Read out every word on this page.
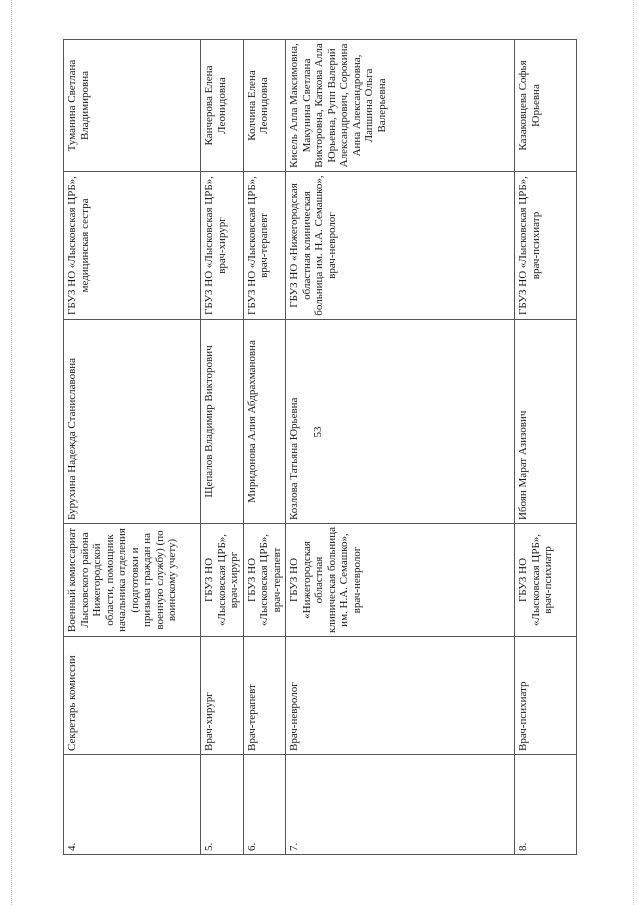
53
4.	Секретарь комиссии	Военный комиссариат Лысковского района Нижегородской области, помощник начальника отделения (подготовки и призыва граждан на военную службу) (по воинскому учету)	Бурухина Надежда Станиславовна	ГБУЗ НО «Лысковская ЦРБ», медицинская сестра	Туманина Светлана Владимировна
5.	Врач-хирург	ГБУЗ НО «Лысковская ЦРБ», врач-хирург	Щепалов Владимир Викторович	ГБУЗ НО «Лысковская ЦРБ», врач-хирург	Канчерова Елена Леонидовна
6.	Врач-терапевт	ГБУЗ НО «Лысковская ЦРБ», врач-терапевт	Миридонова Алия Абдрахмановна	ГБУЗ НО «Лысковская ЦРБ», врач-терапевт	Колчина Елена Леонидовна
7.	Врач-невролог	ГБУЗ НО «Нижегородская областная клиническая больница им. Н.А. Семашко», врач-невролог	Козлова Татьяна Юрьевна	ГБУЗ НО «Нижегородская областная клиническая больница им. Н.А. Семашко», врач-невролог	Кисель Алла Максимовна, Макунина Светлана Викторовна, Каткова Алла Юрьевна, Рупп Валерий Александрович, Сорокина Анна Александровна, Лапшина Ольга Валерьевна
8.	Врач-психиатр	ГБУЗ НО «Лысковская ЦРБ», врач-психиатр	Ибоян Марат Азизович	ГБУЗ НО «Лысковская ЦРБ», врач-психиатр	Казаковцева Софья Юрьевна
